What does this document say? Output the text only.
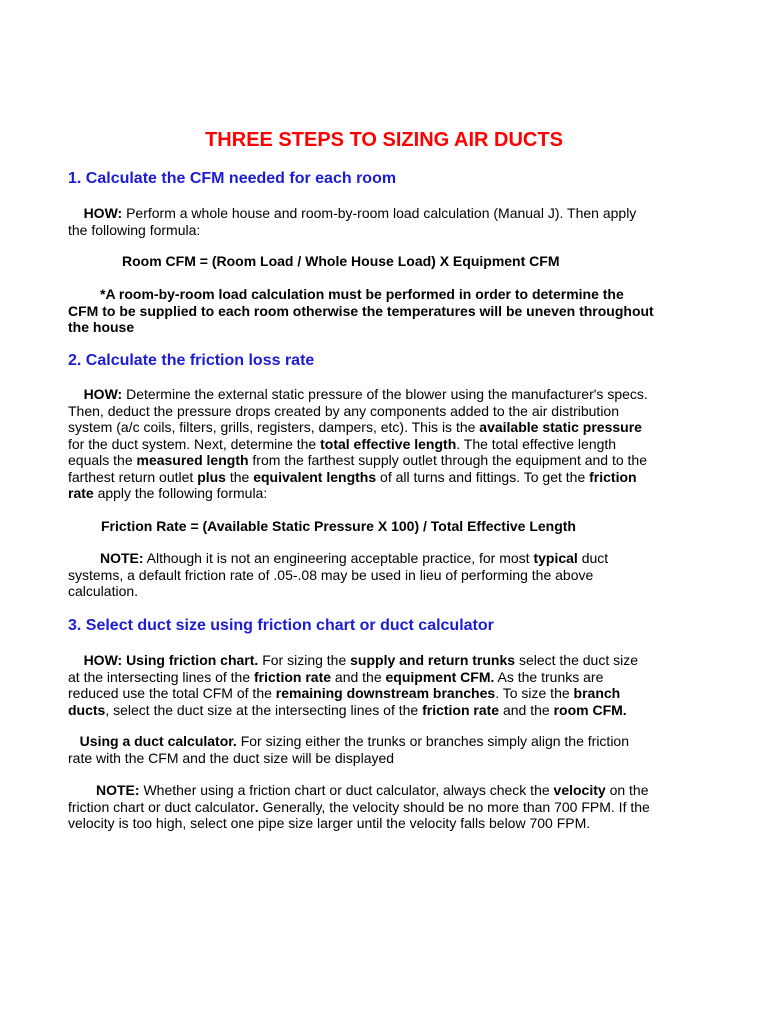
THREE STEPS TO SIZING AIR DUCTS
1. Calculate the CFM needed for each room
HOW: Perform a whole house and room-by-room load calculation (Manual J). Then apply
the following formula:
Room CFM = (Room Load / Whole House Load) X Equipment CFM
*A room-by-room load calculation must be performed in order to determine the
CFM to be supplied to each room otherwise the temperatures will be uneven throughout
the house
2. Calculate the friction loss rate
HOW: Determine the external static pressure of the blower using the manufacturer's specs.
Then, deduct the pressure drops created by any components added to the air distribution
system (a/c coils, filters, grills, registers, dampers, etc). This is the available static pressure
for the duct system. Next, determine the total effective length. The total effective length
equals the measured length from the farthest supply outlet through the equipment and to the
farthest return outlet plus the equivalent lengths of all turns and fittings. To get the friction
rate apply the following formula:
Friction Rate = (Available Static Pressure X 100) / Total Effective Length
NOTE: Although it is not an engineering acceptable practice, for most typical duct
systems, a default friction rate of .05-.08 may be used in lieu of performing the above
calculation.
3. Select duct size using friction chart or duct calculator
HOW: Using friction chart. For sizing the supply and return trunks select the duct size
at the intersecting lines of the friction rate and the equipment CFM. As the trunks are
reduced use the total CFM of the remaining downstream branches. To size the branch
ducts, select the duct size at the intersecting lines of the friction rate and the room CFM.
Using a duct calculator. For sizing either the trunks or branches simply align the friction
rate with the CFM and the duct size will be displayed
NOTE: Whether using a friction chart or duct calculator, always check the velocity on the
friction chart or duct calculator. Generally, the velocity should be no more than 700 FPM. If the
velocity is too high, select one pipe size larger until the velocity falls below 700 FPM.
